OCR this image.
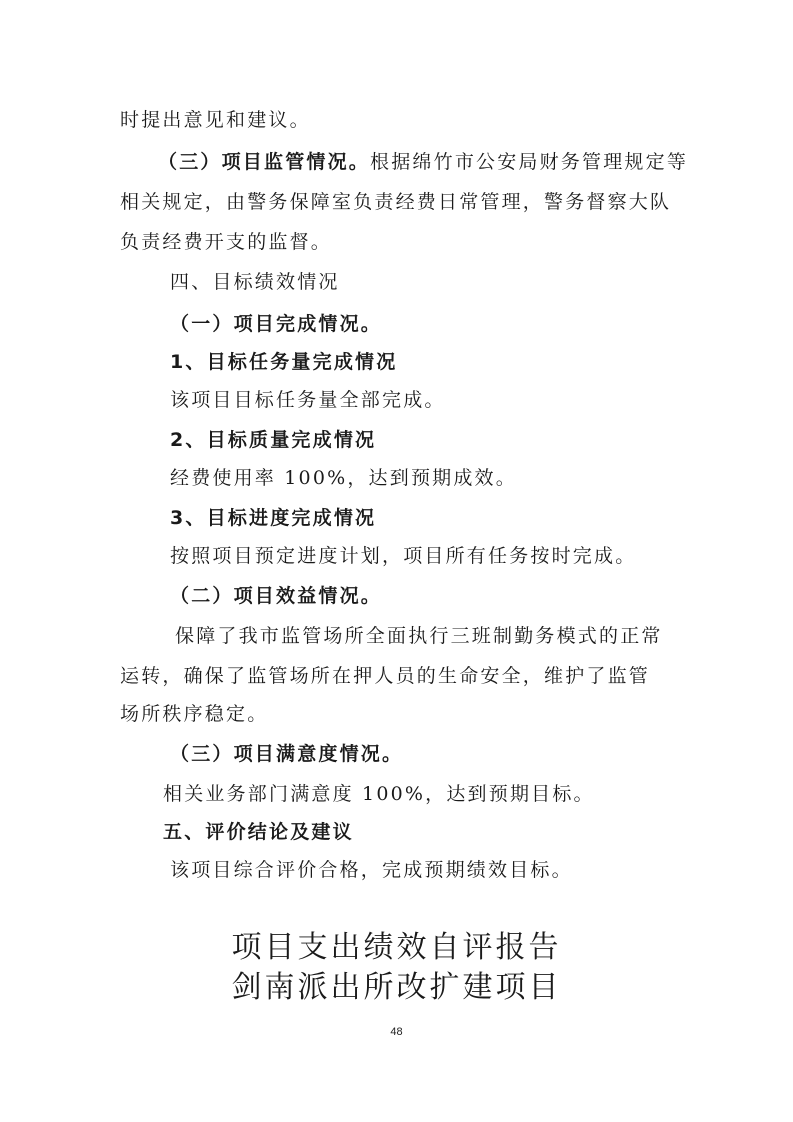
时提出意见和建议。
（三）项目监管情况。根据绵竹市公安局财务管理规定等
相关规定，由警务保障室负责经费日常管理，警务督察大队
负责经费开支的监督。
四、目标绩效情况
（一）项目完成情况。
1、目标任务量完成情况
该项目目标任务量全部完成。
2、目标质量完成情况
经费使用率 100%，达到预期成效。
3、目标进度完成情况
按照项目预定进度计划，项目所有任务按时完成。
（二）项目效益情况。
保障了我市监管场所全面执行三班制勤务模式的正常
运转，确保了监管场所在押人员的生命安全，维护了监管
场所秩序稳定。
（三）项目满意度情况。
相关业务部门满意度 100%，达到预期目标。
五、评价结论及建议
该项目综合评价合格，完成预期绩效目标。
项目支出绩效自评报告
剑南派出所改扩建项目
48
